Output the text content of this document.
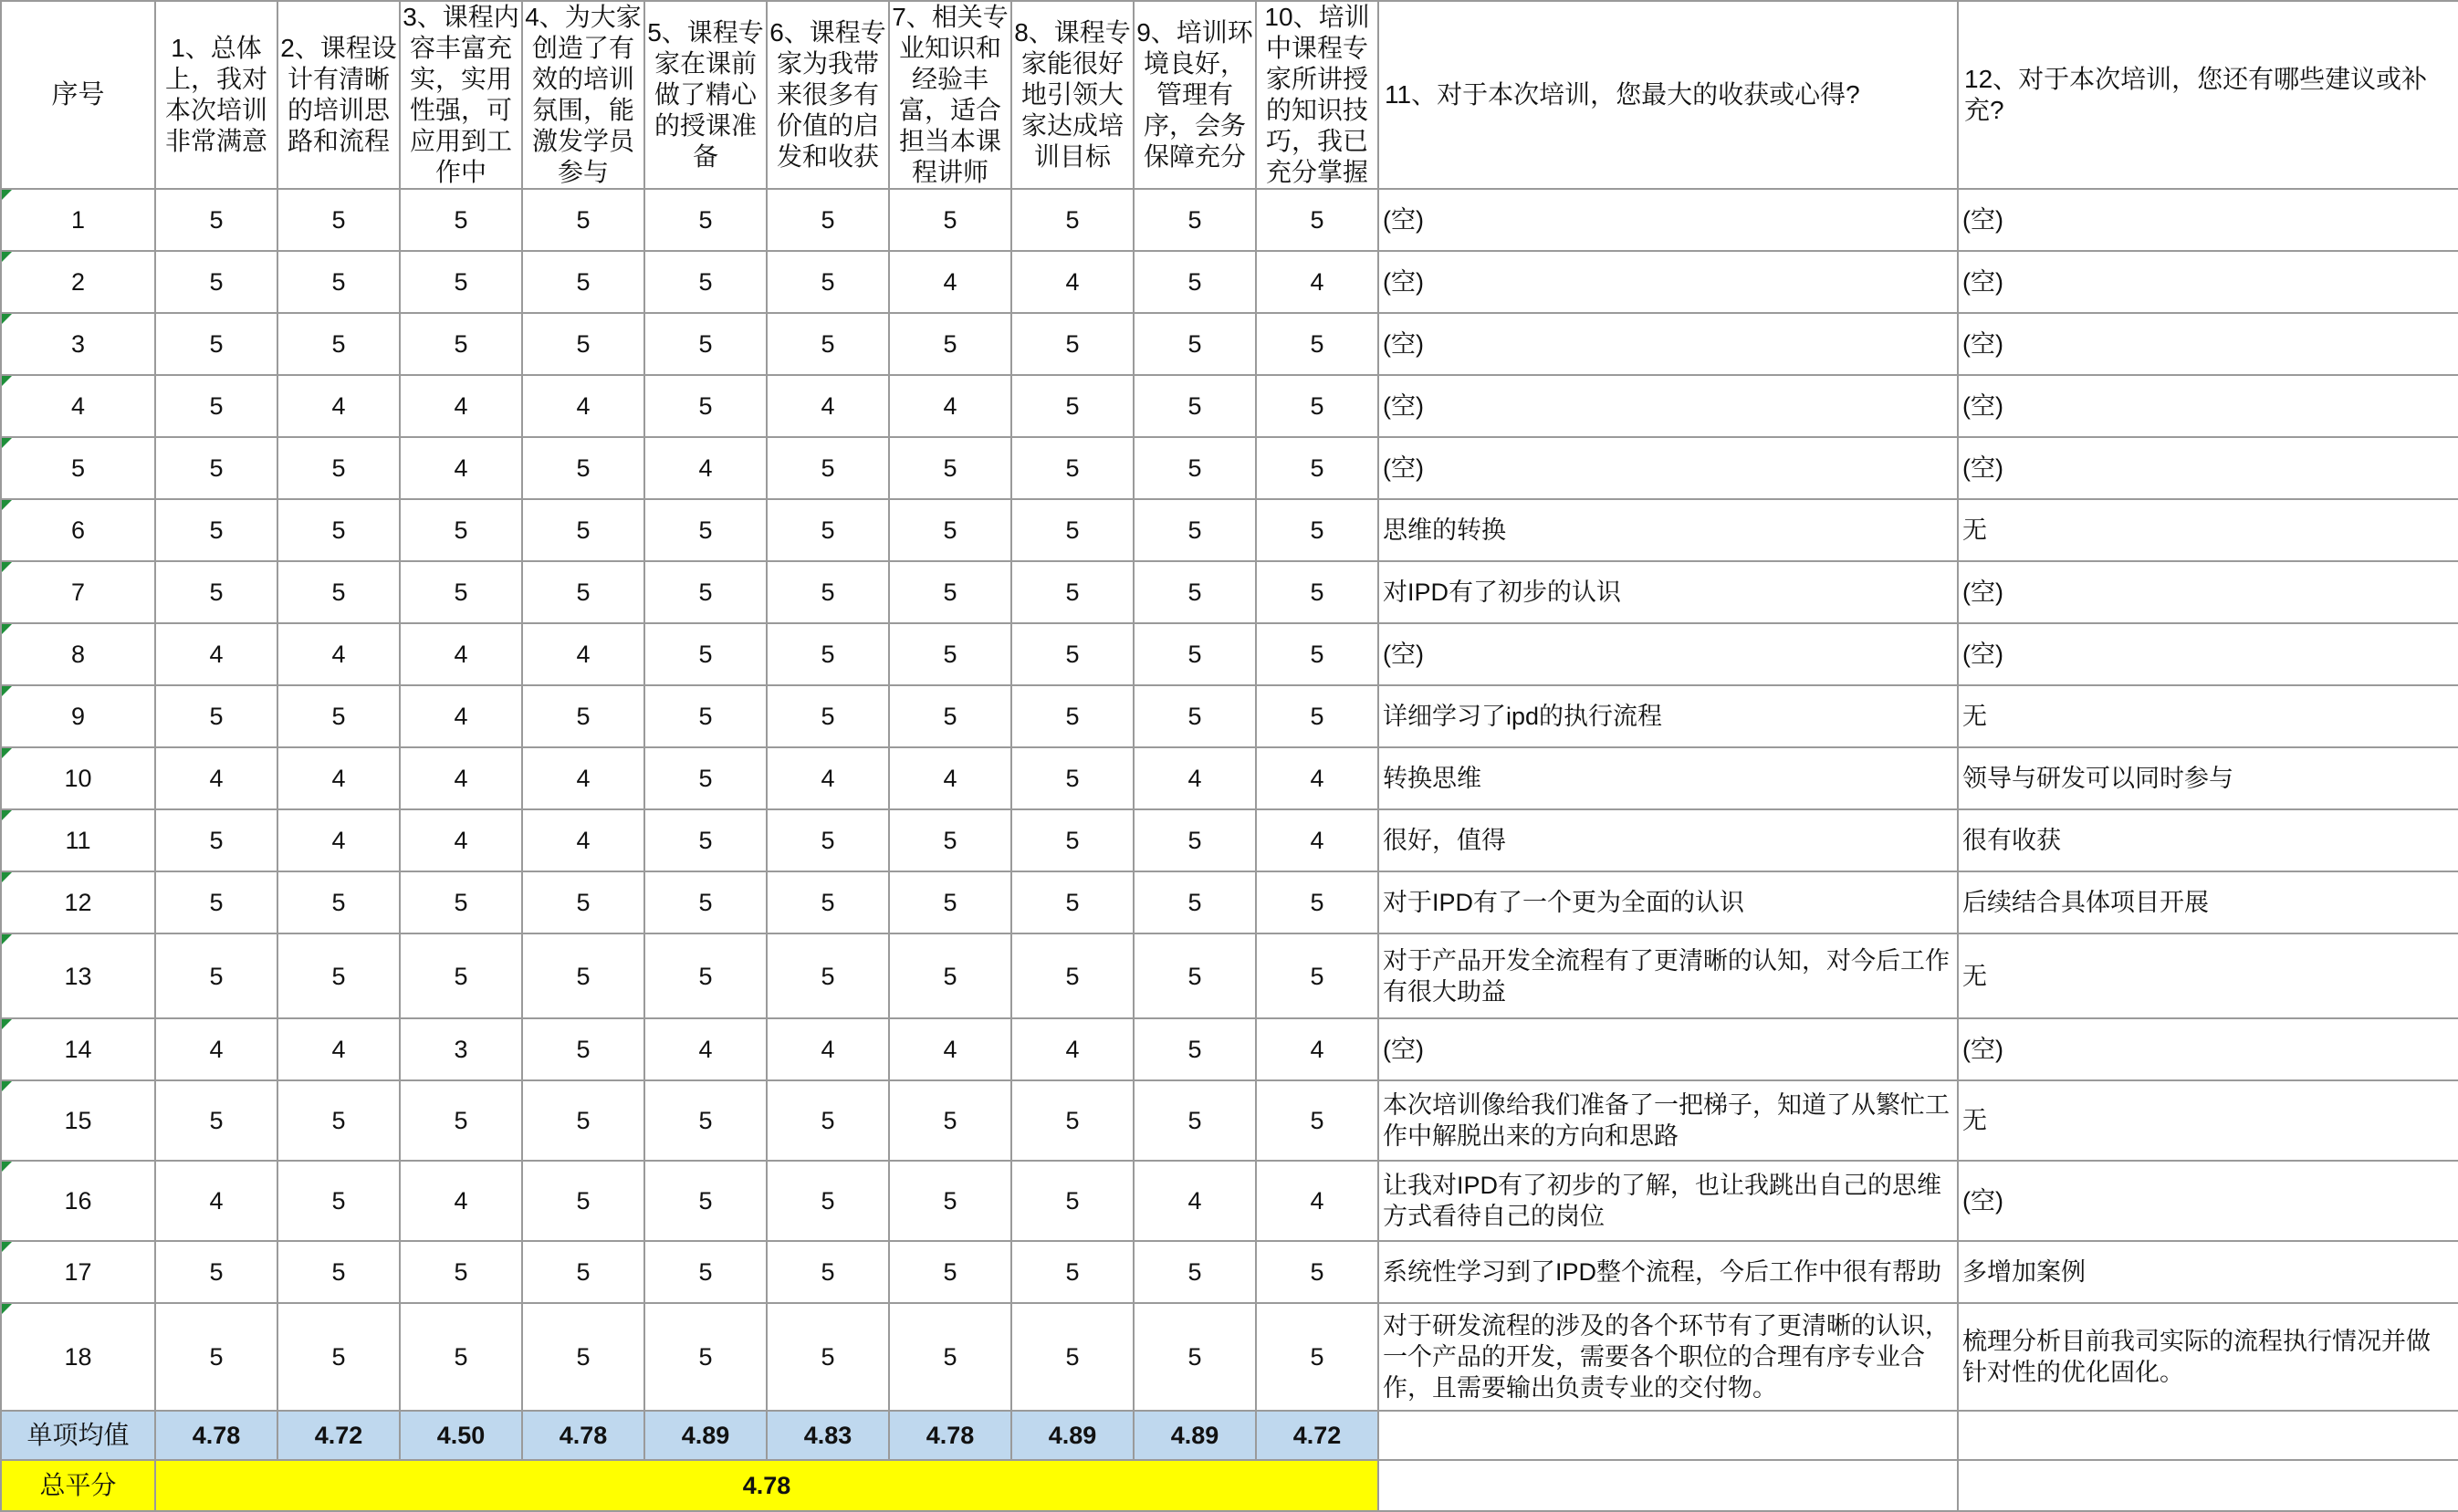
序号	1、总体上，我对本次培训非常满意	2、课程设计有清晰的培训思路和流程	3、课程内容丰富充实，实用性强，可应用到工作中	4、为大家创造了有效的培训氛围，能激发学员参与	5、课程专家在课前做了精心的授课准备	6、课程专家为我带来很多有价值的启发和收获	7、相关专业知识和经验丰富，适合担当本课程讲师	8、课程专家能很好地引领大家达成培训目标	9、培训环境良好，管理有序，会务保障充分	10、培训中课程专家所讲授的知识技巧，我已充分掌握	11、对于本次培训，您最大的收获或心得?	12、对于本次培训，您还有哪些建议或补充?
1	5	5	5	5	5	5	5	5	5	5	(空)	(空)
2	5	5	5	5	5	5	4	4	5	4	(空)	(空)
3	5	5	5	5	5	5	5	5	5	5	(空)	(空)
4	5	4	4	4	5	4	4	5	5	5	(空)	(空)
5	5	5	4	5	4	5	5	5	5	5	(空)	(空)
6	5	5	5	5	5	5	5	5	5	5	思维的转换	无
7	5	5	5	5	5	5	5	5	5	5	对IPD有了初步的认识	(空)
8	4	4	4	4	5	5	5	5	5	5	(空)	(空)
9	5	5	4	5	5	5	5	5	5	5	详细学习了ipd的执行流程	无
10	4	4	4	4	5	4	4	5	4	4	转换思维	领导与研发可以同时参与
11	5	4	4	4	5	5	5	5	5	4	很好，值得	很有收获
12	5	5	5	5	5	5	5	5	5	5	对于IPD有了一个更为全面的认识	后续结合具体项目开展
13	5	5	5	5	5	5	5	5	5	5	对于产品开发全流程有了更清晰的认知，对今后工作有很大助益	无
14	4	4	3	5	4	4	4	4	5	4	(空)	(空)
15	5	5	5	5	5	5	5	5	5	5	本次培训像给我们准备了一把梯子，知道了从繁忙工作中解脱出来的方向和思路	无
16	4	5	4	5	5	5	5	5	4	4	让我对IPD有了初步的了解，也让我跳出自己的思维方式看待自己的岗位	(空)
17	5	5	5	5	5	5	5	5	5	5	系统性学习到了IPD整个流程，今后工作中很有帮助	多增加案例
18	5	5	5	5	5	5	5	5	5	5	对于研发流程的涉及的各个环节有了更清晰的认识，一个产品的开发，需要各个职位的合理有序专业合作，且需要输出负责专业的交付物。	梳理分析目前我司实际的流程执行情况并做针对性的优化固化。
单项均值	4.78	4.72	4.50	4.78	4.89	4.83	4.78	4.89	4.89	4.72		
总平分	4.78											
